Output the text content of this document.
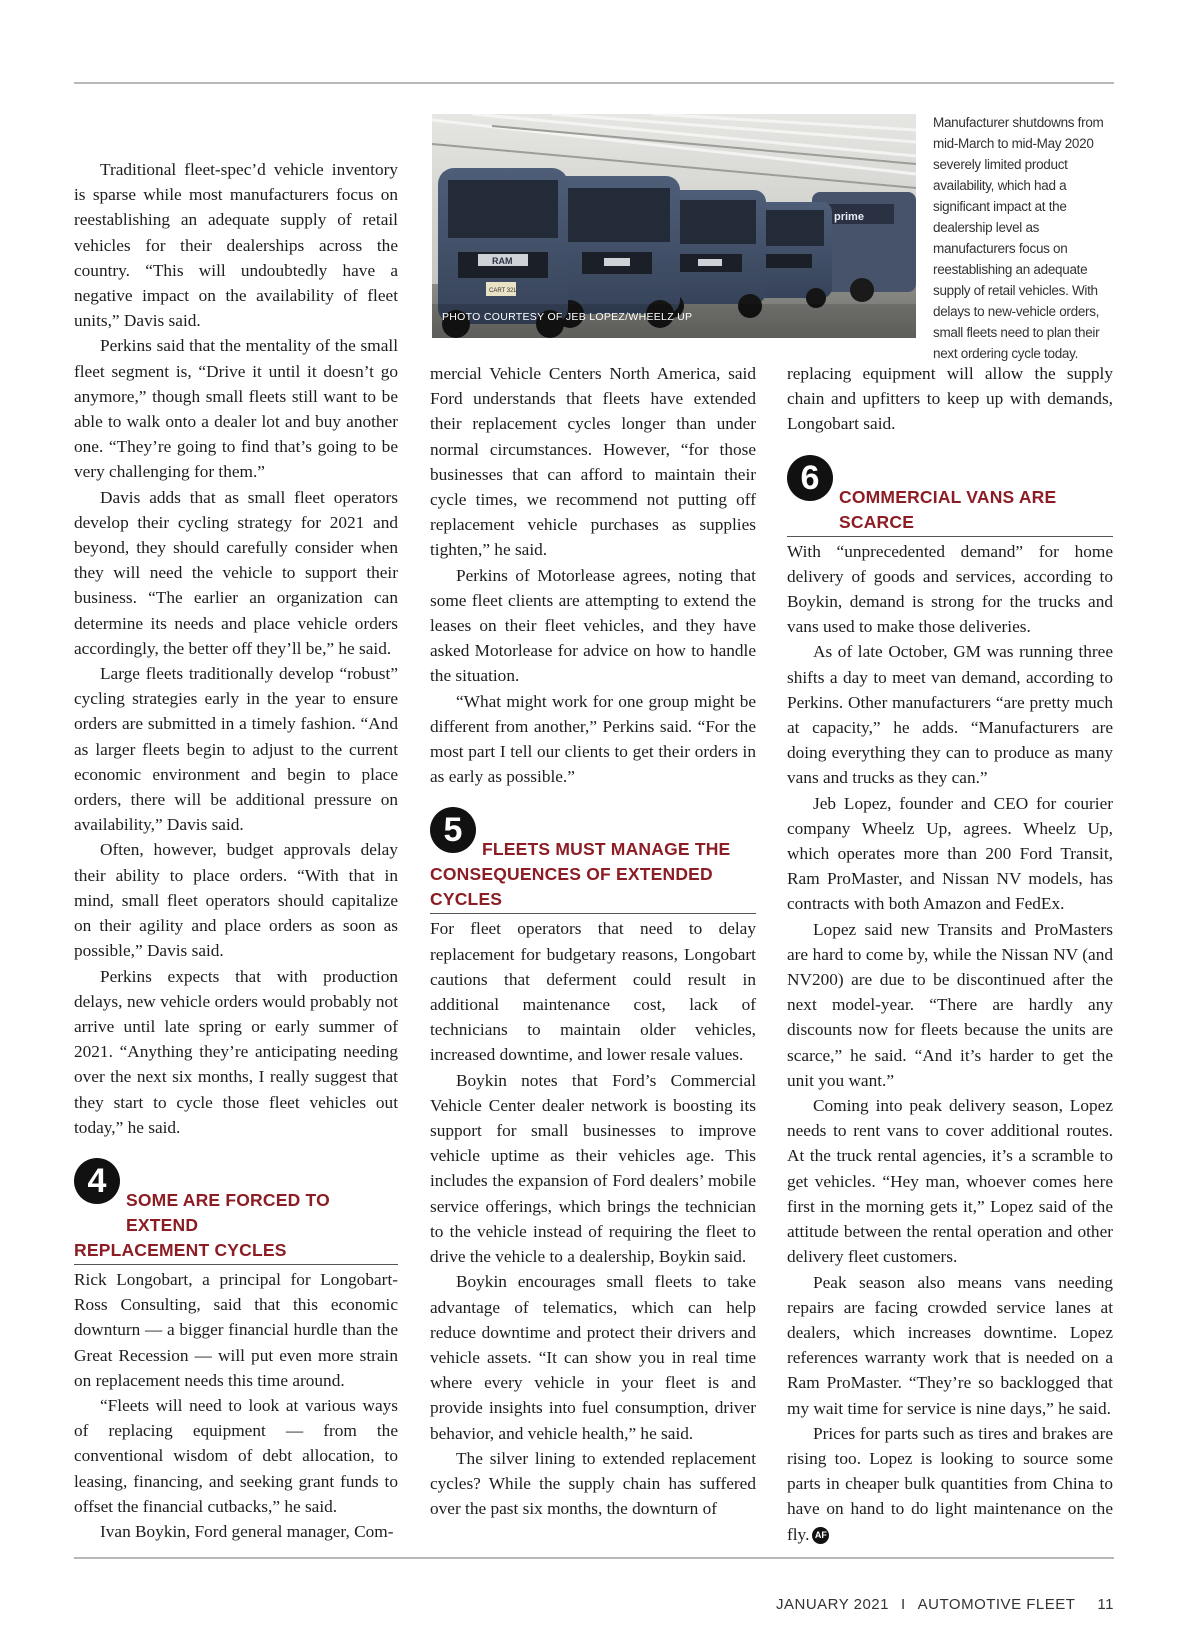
prime
RAM
CART 32L
PHOTO COURTESY OF JEB LOPEZ/WHEELZ UP
Manufacturer shutdowns from mid-March to mid-May 2020 severely limited product availability, which had a significant impact at the dealership level as manufacturers focus on reestablishing an adequate supply of retail vehicles. With delays to new-vehicle orders, small fleets need to plan their next ordering cycle today.

Traditional fleet-spec’d vehicle inventory is sparse while most manufacturers focus on reestablishing an adequate supply of retail vehicles for their dealerships across the country. “This will undoubtedly have a negative impact on the availability of fleet units,” Davis said.

Perkins said that the mentality of the small fleet segment is, “Drive it until it doesn’t go anymore,” though small fleets still want to be able to walk onto a dealer lot and buy another one. “They’re going to find that’s going to be very challenging for them.”

Davis adds that as small fleet operators develop their cycling strategy for 2021 and beyond, they should carefully consider when they will need the vehicle to support their business. “The earlier an organization can determine its needs and place vehicle orders accordingly, the better off they’ll be,” he said.

Large fleets traditionally develop “robust” cycling strategies early in the year to ensure orders are submitted in a timely fashion. “And as larger fleets begin to adjust to the current economic environment and begin to place orders, there will be additional pressure on availability,” Davis said.

Often, however, budget approvals delay their ability to place orders. “With that in mind, small fleet operators should capitalize on their agility and place orders as soon as possible,” Davis said.

Perkins expects that with production delays, new vehicle orders would probably not arrive until late spring or early summer of 2021. “Anything they’re anticipating needing over the next six months, I really suggest that they start to cycle those fleet vehicles out today,” he said.

4	SOME ARE FORCED TO EXTEND
REPLACEMENT CYCLES

Rick Longobart, a principal for Longobart-Ross Consulting, said that this economic downturn — a bigger financial hurdle than the Great Recession — will put even more strain on replacement needs this time around.

“Fleets will need to look at various ways of replacing equipment — from the conventional wisdom of debt allocation, to leasing, financing, and seeking grant funds to offset the financial cutbacks,” he said.

Ivan Boykin, Ford general manager, Com-

mercial Vehicle Centers North America, said Ford understands that fleets have extended their replacement cycles longer than under normal circumstances. However, “for those businesses that can afford to maintain their cycle times, we recommend not putting off replacement vehicle purchases as supplies tighten,” he said.

Perkins of Motorlease agrees, noting that some fleet clients are attempting to extend the leases on their fleet vehicles, and they have asked Motorlease for advice on how to handle the situation.

“What might work for one group might be different from another,” Perkins said. “For the most part I tell our clients to get their orders in as early as possible.”

5	FLEETS MUST MANAGE THE
CONSEQUENCES OF EXTENDED CYCLES

For fleet operators that need to delay replacement for budgetary reasons, Longobart cautions that deferment could result in additional maintenance cost, lack of technicians to maintain older vehicles, increased downtime, and lower resale values.

Boykin notes that Ford’s Commercial Vehicle Center dealer network is boosting its support for small businesses to improve vehicle uptime as their vehicles age. This includes the expansion of Ford dealers’ mobile service offerings, which brings the technician to the vehicle instead of requiring the fleet to drive the vehicle to a dealership, Boykin said.

Boykin encourages small fleets to take advantage of telematics, which can help reduce downtime and protect their drivers and vehicle assets. “It can show you in real time where every vehicle in your fleet is and provide insights into fuel consumption, driver behavior, and vehicle health,” he said.

The silver lining to extended replacement cycles? While the supply chain has suffered over the past six months, the downturn of

replacing equipment will allow the supply chain and upfitters to keep up with demands, Longobart said.

6	COMMERCIAL VANS ARE SCARCE

With “unprecedented demand” for home delivery of goods and services, according to Boykin, demand is strong for the trucks and vans used to make those deliveries.

As of late October, GM was running three shifts a day to meet van demand, according to Perkins. Other manufacturers “are pretty much at capacity,” he adds. “Manufacturers are doing everything they can to produce as many vans and trucks as they can.”

Jeb Lopez, founder and CEO for courier company Wheelz Up, agrees. Wheelz Up, which operates more than 200 Ford Transit, Ram ProMaster, and Nissan NV models, has contracts with both Amazon and FedEx.

Lopez said new Transits and ProMasters are hard to come by, while the Nissan NV (and NV200) are due to be discontinued after the next model-year. “There are hardly any discounts now for fleets because the units are scarce,” he said. “And it’s harder to get the unit you want.”

Coming into peak delivery season, Lopez needs to rent vans to cover additional routes. At the truck rental agencies, it’s a scramble to get vehicles. “Hey man, whoever comes here first in the morning gets it,” Lopez said of the attitude between the rental operation and other delivery fleet customers.

Peak season also means vans needing repairs are facing crowded service lanes at dealers, which increases downtime. Lopez references warranty work that is needed on a Ram ProMaster. “They’re so backlogged that my wait time for service is nine days,” he said.

Prices for parts such as tires and brakes are rising too. Lopez is looking to source some parts in cheaper bulk quantities from China to have on hand to do light maintenance on the fly. AF

JANUARY 2021 I AUTOMOTIVE FLEET 11
